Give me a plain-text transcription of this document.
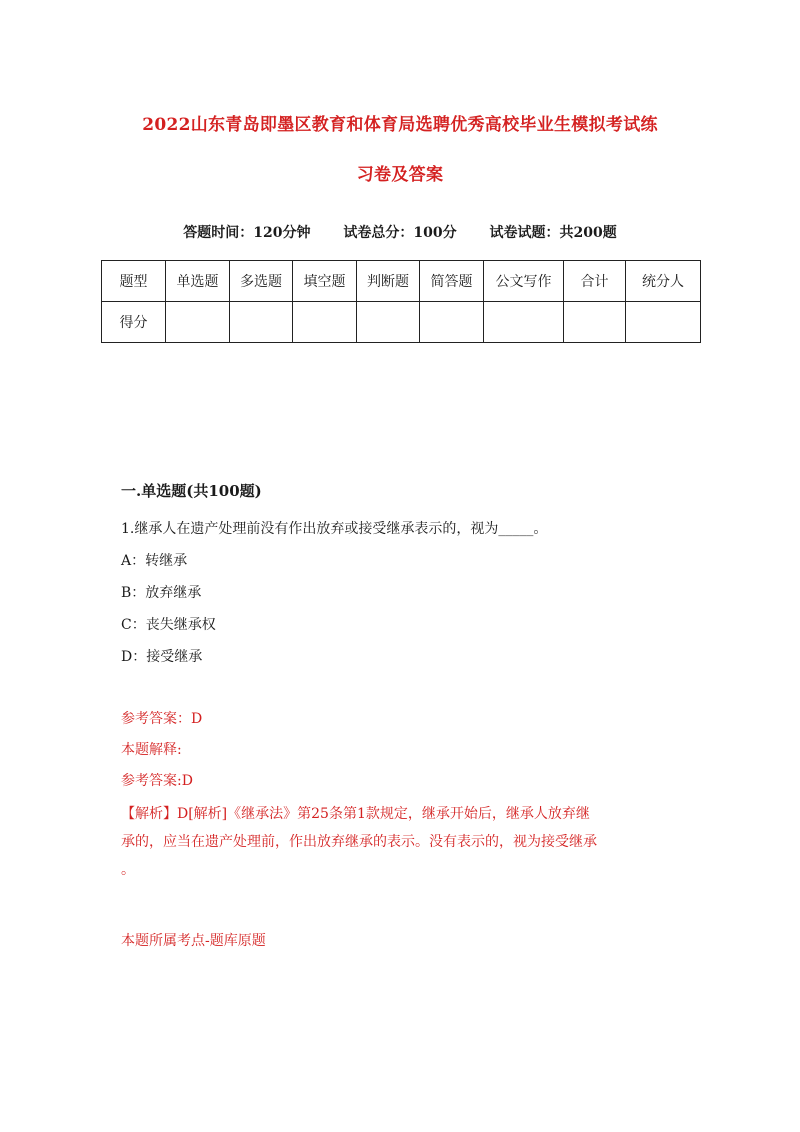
2022山东青岛即墨区教育和体育局选聘优秀高校毕业生模拟考试练
习卷及答案
答题时间：120分钟 试卷总分：100分 试卷试题：共200题
题型	单选题	多选题	填空题	判断题	简答题	公文写作	合计	统分人
得分								
一.单选题(共100题)
1.继承人在遗产处理前没有作出放弃或接受继承表示的，视为_____。
A：转继承
B：放弃继承
C：丧失继承权
D：接受继承
参考答案：D
本题解释:
参考答案:D
【解析】D[解析]《继承法》第25条第1款规定，继承开始后，继承人放弃继
承的，应当在遗产处理前，作出放弃继承的表示。没有表示的，视为接受继承
。
本题所属考点-题库原题
